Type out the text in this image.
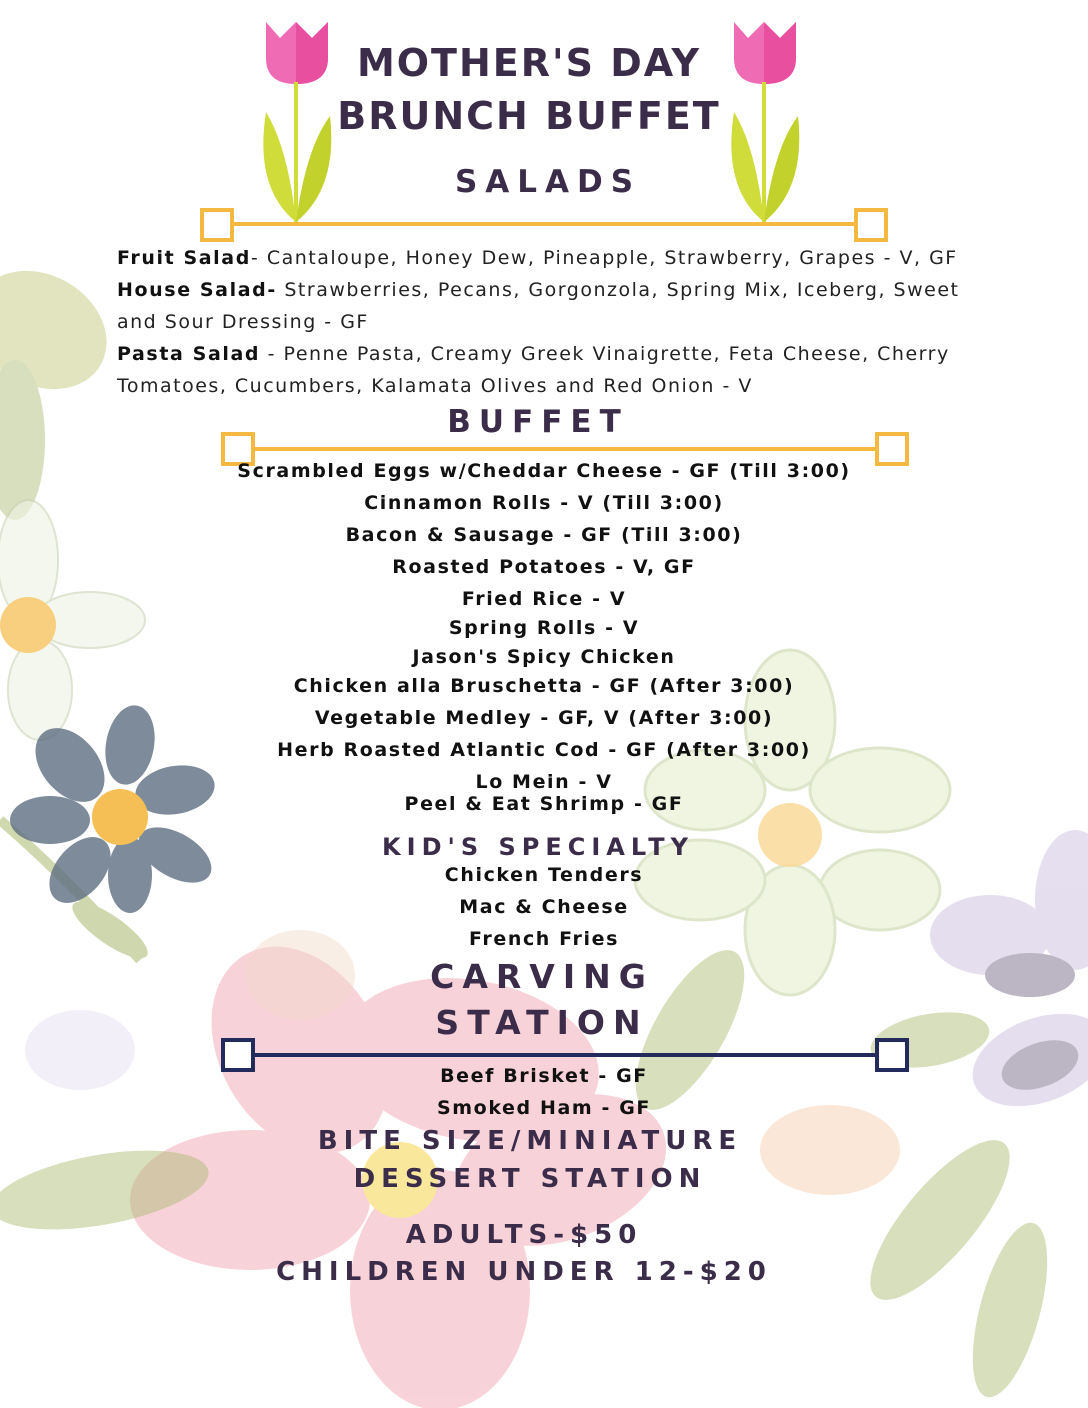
MOTHER'S DAY
BRUNCH BUFFET
SALADS
Fruit Salad- Cantaloupe, Honey Dew, Pineapple, Strawberry, Grapes - V, GF
House Salad- Strawberries, Pecans, Gorgonzola, Spring Mix, Iceberg, Sweet and Sour Dressing - GF
Pasta Salad - Penne Pasta, Creamy Greek Vinaigrette, Feta Cheese, Cherry Tomatoes, Cucumbers, Kalamata Olives and Red Onion - V
BUFFET
Scrambled Eggs w/Cheddar Cheese - GF (Till 3:00)
Cinnamon Rolls - V (Till 3:00)
Bacon & Sausage - GF (Till 3:00)
Roasted Potatoes - V, GF
Fried Rice - V
Spring Rolls - V
Jason's Spicy Chicken
Chicken alla Bruschetta - GF (After 3:00)
Vegetable Medley - GF, V (After 3:00)
Herb Roasted Atlantic Cod - GF (After 3:00)
Lo Mein - V
Peel & Eat Shrimp - GF
KID'S SPECIALTY
Chicken Tenders
Mac & Cheese
French Fries
CARVING
STATION
Beef Brisket - GF
Smoked Ham - GF
BITE SIZE/MINIATURE
DESSERT STATION
ADULTS-$50
CHILDREN UNDER 12-$20
